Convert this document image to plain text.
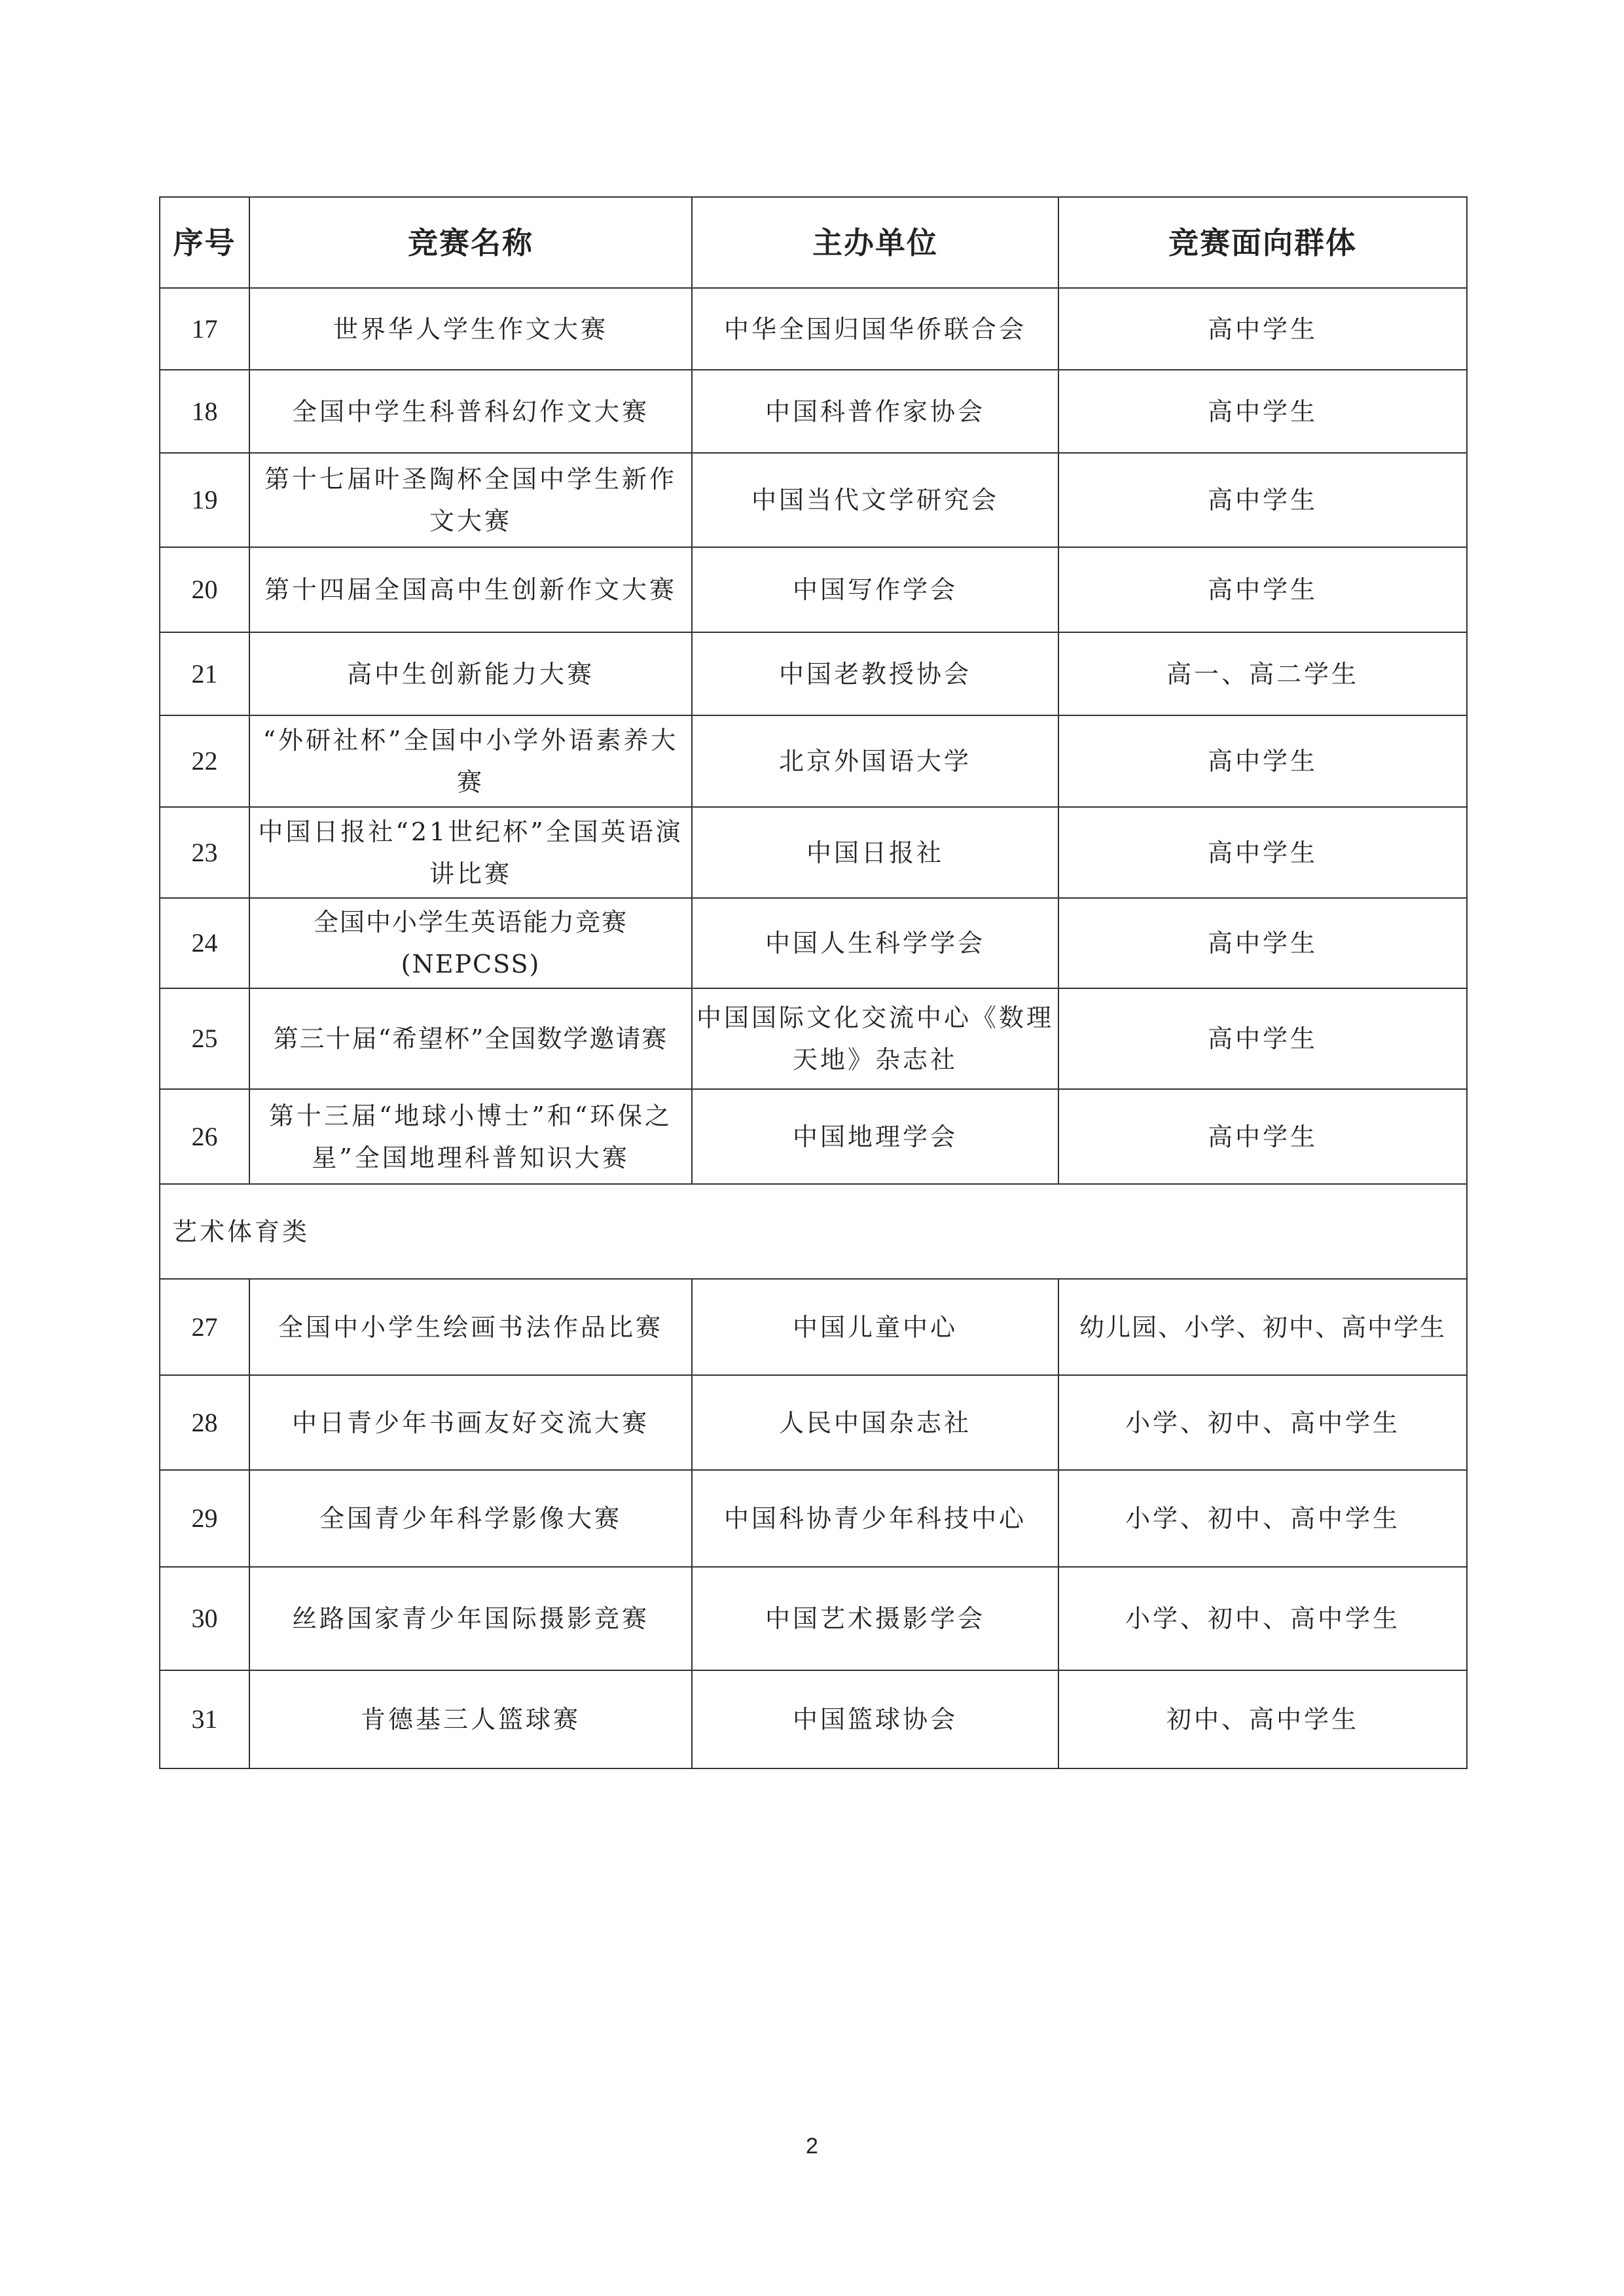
序号	竞赛名称	主办单位	竞赛面向群体
17	世界华人学生作文大赛	中华全国归国华侨联合会	高中学生
18	全国中学生科普科幻作文大赛	中国科普作家协会	高中学生
19	第十七届叶圣陶杯全国中学生新作文大赛	中国当代文学研究会	高中学生
20	第十四届全国高中生创新作文大赛	中国写作学会	高中学生
21	高中生创新能力大赛	中国老教授协会	高一、高二学生
22	“外研社杯”全国中小学外语素养大赛	北京外国语大学	高中学生
23	中国日报社“21世纪杯”全国英语演讲比赛	中国日报社	高中学生
24	全国中小学生英语能力竞赛(NEPCSS)	中国人生科学学会	高中学生
25	第三十届“希望杯”全国数学邀请赛	中国国际文化交流中心《数理天地》杂志社	高中学生
26	第十三届“地球小博士”和“环保之星”全国地理科普知识大赛	中国地理学会	高中学生
艺术体育类			
27	全国中小学生绘画书法作品比赛	中国儿童中心	幼儿园、小学、初中、高中学生
28	中日青少年书画友好交流大赛	人民中国杂志社	小学、初中、高中学生
29	全国青少年科学影像大赛	中国科协青少年科技中心	小学、初中、高中学生
30	丝路国家青少年国际摄影竞赛	中国艺术摄影学会	小学、初中、高中学生
31	肯德基三人篮球赛	中国篮球协会	初中、高中学生
2
